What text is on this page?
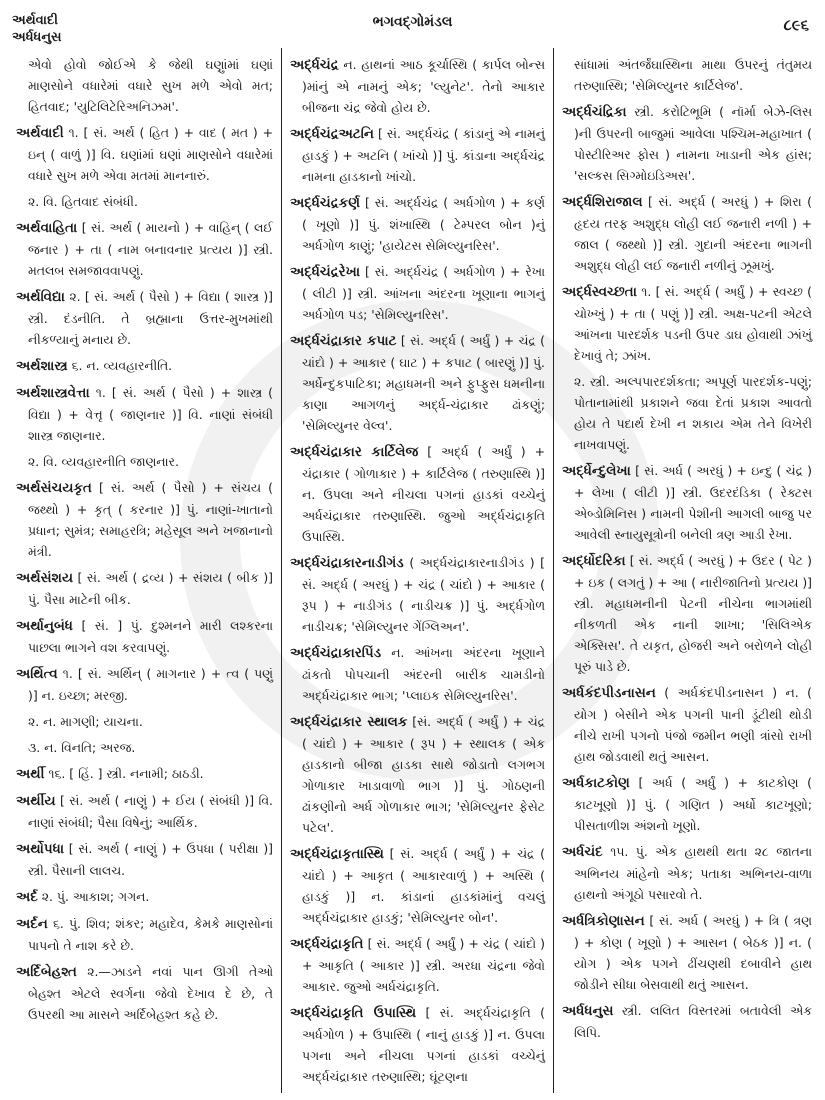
અર્થવાદી
અર્ધધનુસ
ભગવદ્ગોમંડલ	૮૯૬

એવો હોવો જોઈએ કે જેથી ઘણુાંમાં ઘણાં માણસોને વધારેમાં વધારે સુખ મળે એવો મત; હિતવાદ; 'યુટિલિટેરિઅનિઝમ'.

અર્થવાદી ૧. [ સં. અર્થ ( હિત ) + વાદ ( મત ) + ઇન્ ( વાળું )] વિ. ઘણાંમાં ઘણાં માણસોને વધારેમાં વધારે સુખ મળે એવા મતમાં માનનારું.

૨. વિ. હિતવાદ સંબંધી.

અર્થવાહિતા [ સં. અર્થ ( માયનો ) + વાહિન્ ( લઈ જનાર ) + તા ( નામ બનાવનાર પ્રત્યય )] સ્ત્રી. મતલબ સમજાવવાપણું.

અર્થવિદ્યા ૨. [ સં. અર્થ ( પૈસો ) + વિદ્યા ( શાસ્ત્ર )] સ્ત્રી. દંડનીતિ. તે બ્રહ્માના ઉત્તર-મુખમાંથી નીકળ્યાનું મનાય છે.

અર્થશાસ્ત્ર ૬. ન. વ્યવહારનીતિ.

અર્થશાસ્ત્રવેત્તા ૧. [ સં. અર્થ ( પૈસો ) + શાસ્ત્ર ( વિદ્યા ) + વેત્તૃ ( જાણનાર )] વિ. નાણાં સંબંધી શાસ્ત્ર જાણનાર.

૨. વિ. વ્યવહારનીતિ જાણનાર.

અર્થસંચયકૃત [ સં. અર્થ ( પૈસો ) + સંચય ( જથ્થો ) + કૃત્ ( કરનાર )] પું. નાણાં-ખાતાનો પ્રધાન; સુમંત્ર; સમાહરત્રિ; મહેસૂલ અને ખજાનાનો મંત્રી.

અર્થસંશય [ સં. અર્થ ( દ્રવ્ય ) + સંશય ( બીક )] પું. પૈસા માટેની બીક.

અર્થાનુબંધ [ સં. ] પું. દુશ્મનને મારી લશ્કરના પાછલા ભાગને વશ કરવાપણું.

અર્થિત્વ ૧. [ સં. અર્થિન્ ( માગનાર ) + ત્વ ( પણું )] ન. ઇચ્છા; મરજી.

૨. ન. માગણી; યાચના.

૩. ન. વિનતિ; અરજ.

અર્થી ૧૬. [ હિં. ] સ્ત્રી. નનામી; ઠાઠડી.

અર્થીય [ સં. અર્થ ( નાણું ) + ઈય ( સંબંધી )] વિ. નાણાં સંબંધી; પૈસા વિષેનું; આર્થિક.

અર્થોપધા [ સં. અર્થ ( નાણું ) + ઉપધા ( પરીક્ષા )] સ્ત્રી. પૈસાની લાલચ.

અર્દ ૨. પું. આકાશ; ગગન.

અર્દન ૬. પું. શિવ; શંકર; મહાદેવ, કેમકે માણસોનાં પાપનો તે નાશ કરે છે.

અર્દિબેહશ્ત ૨.—ઝાડને નવાં પાન ઊગી તેઓ બેહશ્ત એટલે સ્વર્ગના જેવો દેખાવ દે છે, તે ઉપરથી આ માસને અર્દિબેહશ્ત કહે છે.

અર્દ્ધચંદ્ર ન. હાથનાં આઠ કૂર્ચાસ્થિ ( કાર્પલ બોન્સ )માંનું એ નામનું એક; 'લ્યુનેટ'. તેનો આકાર બીજના ચંદ્ર જેવો હોય છે.

અર્દ્ધચંદ્રઅટનિ [ સં. અર્દ્ધચંદ્ર ( કાંડાનું એ નામનું હાડકું ) + અટનિ ( ખાંચો )] પું. કાંડાના અર્દ્ધચંદ્ર નામના હાડકાનો ખાંચો.

અર્દ્ધચંદ્રકર્ણ [ સં. અર્દ્ધચંદ્ર ( અર્ધગોળ ) + કર્ણ ( ખૂણો )] પું. શંખાસ્થિ ( ટેમ્પરલ બોન )નું અર્ધગોળ કાણું; 'હાયેટસ સેમિલ્યુનરિસ'.

અર્દ્ધચંદ્રરેખા [ સં. અર્દ્ધચંદ્ર ( અર્ધગોળ ) + રેખા ( લીટી )] સ્ત્રી. આંખના અંદરના ખૂણાના ભાગનું અર્ધગોળ પડ; 'સેમિલ્યુનરિસ'.

અર્દ્ધચંદ્રાકાર કપાટ [ સં. અર્દ્ધ ( અર્ધું ) + ચંદ્ર ( ચાંદો ) + આકાર ( ઘાટ ) + કપાટ ( બારણું )] પું. અર્ધેન્દુકપાટિકા; મહાધમની અને ફુપ્ફુસ ધમનીના કાણા આગળનું અર્દ્ધ-ચંદ્રાકાર ઢાંકણું; 'સેમિલ્યુનર વેલ્વ'.

અર્દ્ધચંદ્રાકાર કાર્ટિલેજ [ અર્દ્ધ ( અર્ધું ) + ચંદ્રાકાર ( ગોળાકાર ) + કાર્ટિલેજ ( તરુણાસ્થિ )] ન. ઉપલા અને નીચલા પગનાં હાડકાં વચ્ચેનું અર્ધચંદ્રાકાર તરુણાસ્થિ. જુઓ અર્દ્ધચંદ્રાકૃતિ ઉપાસ્થિ.

અર્દ્ધચંદ્રાકારનાડીગંડ ( અર્દ્ધચંદ્રાકારનાડીગંડ ) [ સં. અર્દ્ધ ( અરધું ) + ચંદ્ર ( ચાંદો ) + આકાર ( રૂપ ) + નાડીગંડ ( નાડીચક્ર )] પું. અર્દ્ધગોળ નાડીચક્ર; 'સેમિલ્યુનર ગેંગ્લિઅન'.

અર્દ્ધચંદ્રાકારપિંડ ન. આંખના અંદરના ખૂણાને ઢાંકતો પોપચાની અંદરની બારીક ચામડીનો અર્દ્ધચંદ્રાકાર ભાગ; 'પ્લાઇક સેમિલ્યુનરિસ'.

અર્દ્ધચંદ્રાકાર સ્થાલક [સં. અર્દ્ધ ( અર્ધું ) + ચંદ્ર ( ચાંદો ) + આકાર ( રૂપ ) + સ્થાલક ( એક હાડકાનો બીજા હાડકા સાથે જોડાતો લગભગ ગોળાકાર ખાડાવાળો ભાગ )] પું. ગોઠણની ઢાંકણીનો અર્ધ ગોળાકાર ભાગ; 'સેમિલ્યુનર ફેસેટ પટેલ'.

અર્દ્ધચંદ્રાકૃતાસ્થિ [ સં. અર્દ્ધ ( અર્ધું ) + ચંદ્ર ( ચાંદો ) + આકૃત ( આકારવાળું ) + અસ્થિ ( હાડકું )] ન. કાંડાનાં હાડકાંમાંનું વચલું અર્દ્ધચંદ્રાકાર હાડકું; 'સેમિલ્યુનર બોન'.

અર્દ્ધચંદ્રાકૃતિ [ સં. અર્દ્ધ ( અર્ધું ) + ચંદ્ર ( ચાંદો ) + આકૃતિ ( આકાર )] સ્ત્રી. અરધા ચંદ્રના જેવો આકાર. જુઓ અર્ધચંદ્રાકૃતિ.

અર્દ્ધચંદ્રાકૃતિ ઉપાસ્થિ [ સં. અર્દ્ધચંદ્રાકૃતિ ( અર્ધગોળ ) + ઉપાસ્થિ ( નાનું હાડકું )] ન. ઉપલા પગના અને નીચલા પગનાં હાડકાં વચ્ચેનું અર્દ્ધચંદ્રાકાર તરુણાસ્થિ; ઘૂંટણના

સાંધામાં અંતર્જંઘાસ્થિના માથા ઉપરનું તંતુમય તરુણાસ્થિ; 'સેમિલ્યુનર કાર્ટિલેજ'.

અર્દ્ધચંદ્રિકા સ્ત્રી. કરોટિભૂમિ ( નૉર્મા બેઝે-લિસ )ની ઉપરની બાજુમાં આવેલા પશ્ચિમ-મહાખાત ( પોસ્ટીરિઅર ફોસ ) નામના ખાડાની એક હાંસ; 'સલ્કસ સિગ્મોઇડિઅસ'.

અર્દ્ધશિરાજાલ [ સં. અર્દ્ધ ( અરધું ) + શિરા ( હૃદય તરફ અશુદ્ધ લોહી લઈ જનારી નળી ) + જાલ ( જથ્થો )] સ્ત્રી. ગુદાની અંદરના ભાગની અશુદ્ધ લોહી લઈ જનારી નળીનું ઝૂમખું.

અર્દ્ધસ્વચ્છતા ૧. [ સં. અર્દ્ધ ( અર્ધું ) + સ્વચ્છ ( ચોખ્ખું ) + તા ( પણું )] સ્ત્રી. અક્ષ-પટની એટલે આંખના પારદર્શક પડની ઉપર ડાઘ હોવાથી ઝાંખું દેખાવું તે; ઝાંખ.

૨. સ્ત્રી. અલ્પપારદર્શકતા; અપૂર્ણ પારદર્શક-પણું; પોતાનામાંથી પ્રકાશને જવા દેતાં પ્રકાશ આવતો હોય તે પદાર્થ દેખી ન શકાય એમ તેને વિખેરી નાખવાપણું.

અર્દ્ધેન્દુલેખા [ સં. અર્ધ ( અરધું ) + ઇન્દુ ( ચંદ્ર ) + લેખા ( લીટી )] સ્ત્રી. ઉદરદંડિકા ( રેક્ટસ એબ્ડોમિનિસ ) નામની પેશીની આગલી બાજુ પર આવેલી સ્નાયુસૂત્રોની બનેલી ત્રણ આડી રેખા.

અર્દ્ધોદરિકા [ સં. અર્દ્ધ ( અરધું ) + ઉદર ( પેટ ) + ઇક ( લગતું ) + આ ( નારીજાતિનો પ્રત્યય )] સ્ત્રી. મહાધમનીની પેટની નીચેના ભાગમાંથી નીકળતી એક નાની શાખા; 'સિલિએક એક્સિસ'. તે યકૃત, હોજરી અને બરોળને લોહી પૂરું પાડે છે.

અર્ધકંદપીડનાસન ( અર્ધકંદપીડનાસન ) ન. ( યોગ ) બેસીને એક પગની પાની ડૂંટીથી થોડી નીચે રાખી પગનો પંજો જમીન ભણી ત્રાંસો રાખી હાથ જોડવાથી થતું આસન.

અર્ધકાટકોણ [ અર્ધ ( અર્ધું ) + કાટકોણ ( કાટખૂણો )] પું. ( ગણિત ) અર્ધો કાટખૂણો; પીસતાળીશ અંશનો ખૂણો.

અર્ધચંદ ૧૫. પું. એક હાથથી થતા ૨૮ જાતના અભિનય માંહેનો એક; પતાકા અભિનય-વાળા હાથનો અંગૂઠો પસારવો તે.

અર્ધત્રિકોણાસન [ સં. અર્ધ ( અરધું ) + ત્રિ ( ત્રણ ) + કોણ ( ખૂણો ) + આસન ( બેઠક )] ન. ( યોગ ) એક પગને ઢીંચણથી દબાવીને હાથ જોડીને સીધા બેસવાથી થતું આસન.

અર્ધધનુસ સ્ત્રી. લલિત વિસ્તરમાં બતાવેલી એક લિપિ.
